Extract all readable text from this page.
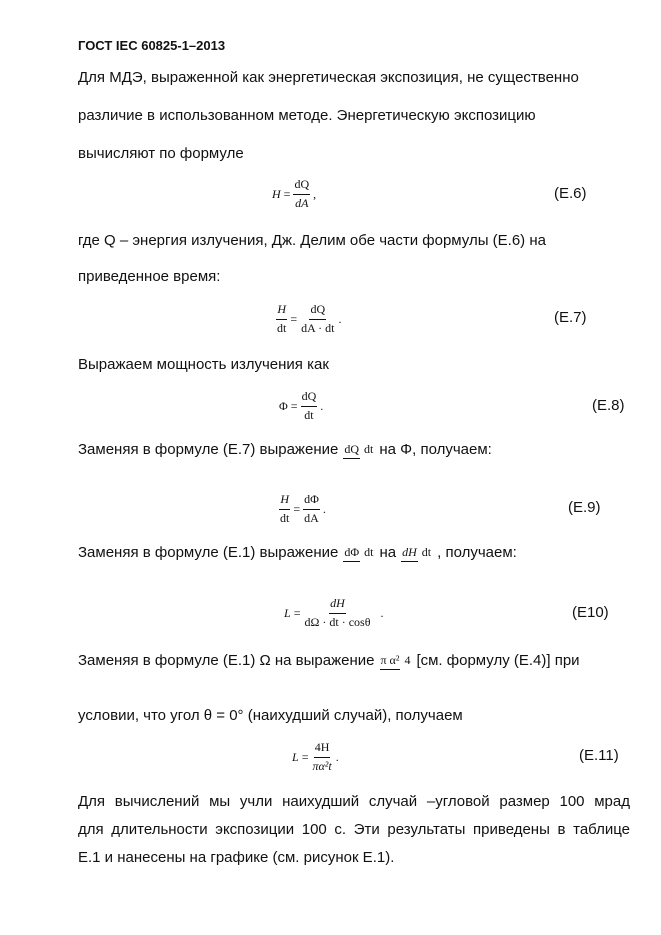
ГОСТ IEC 60825-1–2013
Для МДЭ, выраженной как энергетическая экспозиция, не существенно
различие в использованном методе. Энергетическую экспозицию
вычисляют по формуле
$H = \frac{dQ}{dA}$ ,	(E.6)
где Q – энергия излучения, Дж. Делим обе части формулы (E.6) на
приведенное время:
$\frac{H}{dt} = \frac{dQ}{dA \cdot dt}$ .	(E.7)
Выражаем мощность излучения как
$\Phi = \frac{dQ}{dt}$ .	(E.8)
Заменяя в формуле (E.7) выражение dQ dt на Φ, получаем:
$\frac{H}{dt} = \frac{d\Phi}{dA}$ .	(E.9)
Заменяя в формуле (E.1) выражение dΦ dt на dH dt , получаем:
$L = \frac{dH}{d\Omega \cdot dt \cdot \cos\theta}$ .	(E10)
Заменяя в формуле (E.1) Ω на выражение π α² 4 [см. формулу (E.4)] при
условии, что угол θ = 0° (наихудший случай), получаем
$L = \frac{4H}{\text{πα²t}}$ .	(E.11)
Для вычислений мы учли наихудший случай –угловой размер 100 мрад
для длительности экспозиции 100 с. Эти результаты приведены в таблице
E.1 и нанесены на графике (см. рисунок E.1).
